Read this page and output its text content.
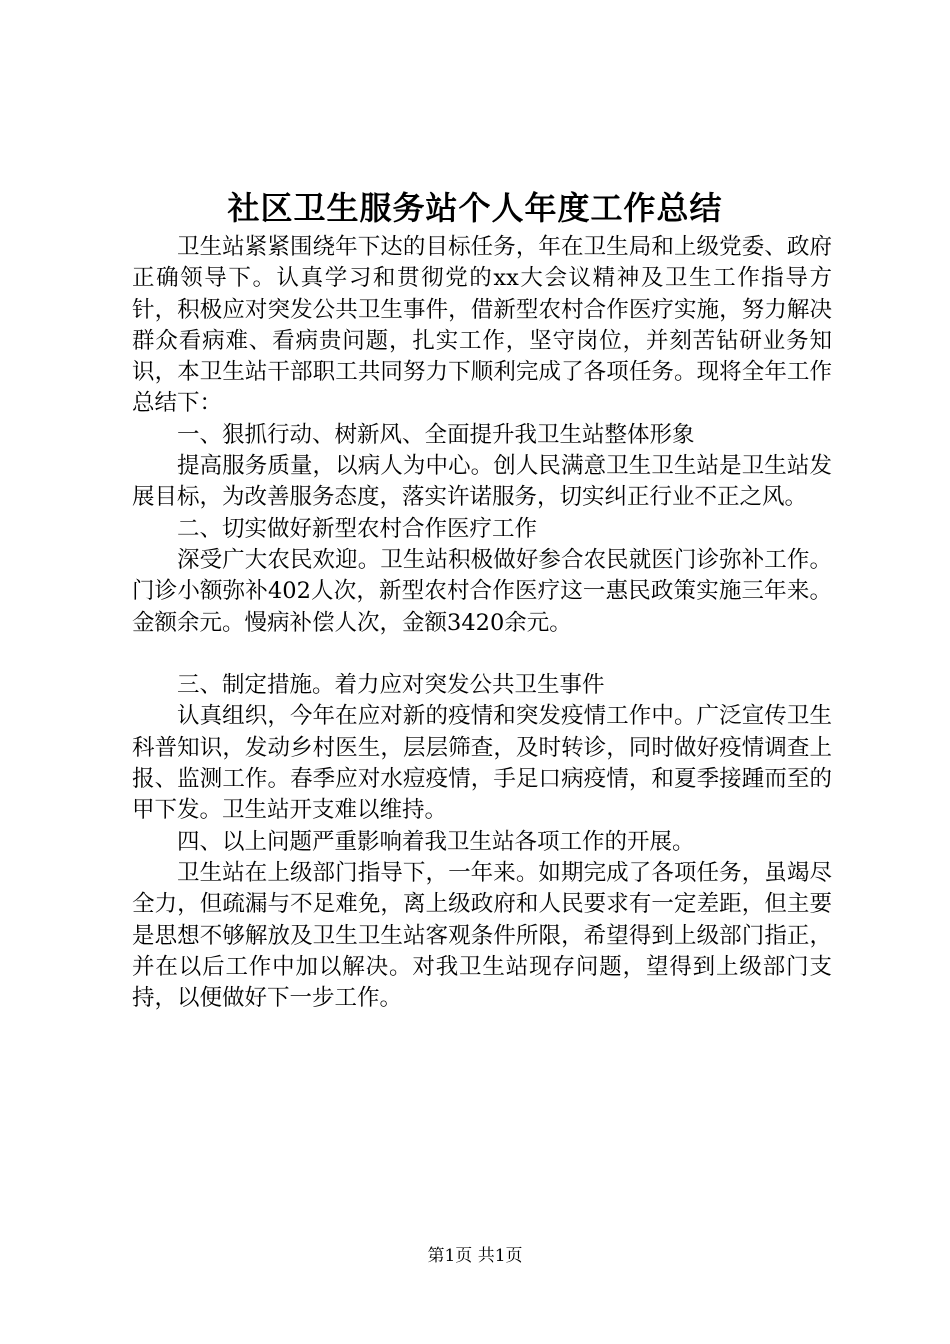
社区卫生服务站个人年度工作总结

卫生站紧紧围绕年下达的目标任务，年在卫生局和上级党委、政府正确领导下。认真学习和贯彻党的xx大会议精神及卫生工作指导方针，积极应对突发公共卫生事件，借新型农村合作医疗实施，努力解决群众看病难、看病贵问题，扎实工作，坚守岗位，并刻苦钻研业务知识，本卫生站干部职工共同努力下顺利完成了各项任务。现将全年工作总结下：

一、狠抓行动、树新风、全面提升我卫生站整体形象

提高服务质量，以病人为中心。创人民满意卫生卫生站是卫生站发展目标，为改善服务态度，落实许诺服务，切实纠正行业不正之风。

二、切实做好新型农村合作医疗工作

深受广大农民欢迎。卫生站积极做好参合农民就医门诊弥补工作。门诊小额弥补402人次，新型农村合作医疗这一惠民政策实施三年来。金额余元。慢病补偿人次，金额3420余元。

三、制定措施。着力应对突发公共卫生事件

认真组织，今年在应对新的疫情和突发疫情工作中。广泛宣传卫生科普知识，发动乡村医生，层层筛查，及时转诊，同时做好疫情调查上报、监测工作。春季应对水痘疫情，手足口病疫情，和夏季接踵而至的甲下发。卫生站开支难以维持。

四、以上问题严重影响着我卫生站各项工作的开展。

卫生站在上级部门指导下，一年来。如期完成了各项任务，虽竭尽全力，但疏漏与不足难免，离上级政府和人民要求有一定差距，但主要是思想不够解放及卫生卫生站客观条件所限，希望得到上级部门指正，并在以后工作中加以解决。对我卫生站现存问题，望得到上级部门支持，以便做好下一步工作。

第1页 共1页
